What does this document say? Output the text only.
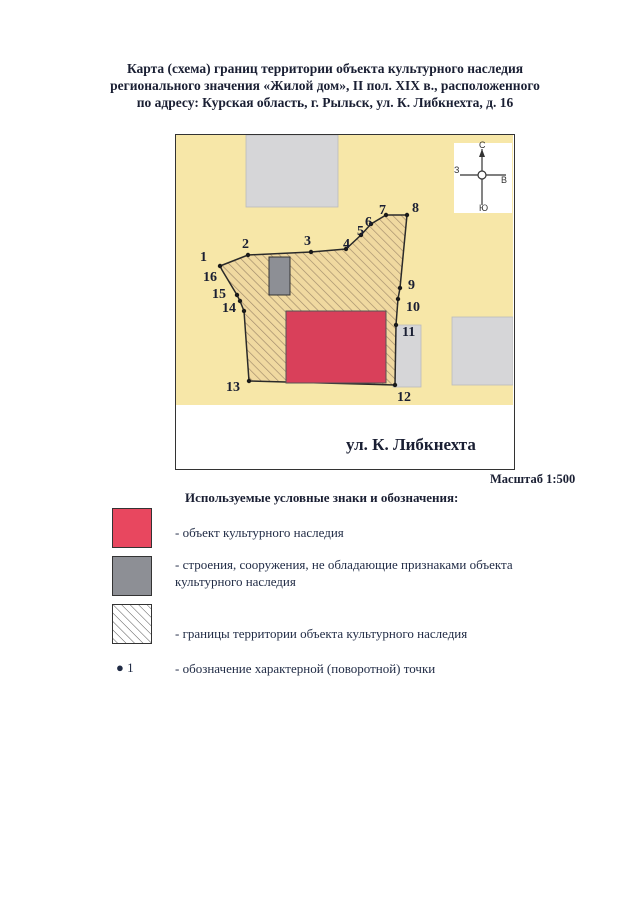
Карта (схема) границ территории объекта культурного наследия
регионального значения «Жилой дом», II пол. XIX в., расположенного
по адресу: Курская область, г. Рыльск, ул. К. Либкнехта, д. 16
1
2	3 4
5
6
7 8
9
10
11
12
13
14
15
16
С
Ю
З
В
ул. К. Либкнехта
Масштаб 1:500
Используемые условные знаки и обозначения:
- объект культурного наследия
- строения, сооружения, не обладающие признаками объекта культурного наследия
- границы территории объекта культурного наследия
● 1	- обозначение характерной (поворотной) точки
